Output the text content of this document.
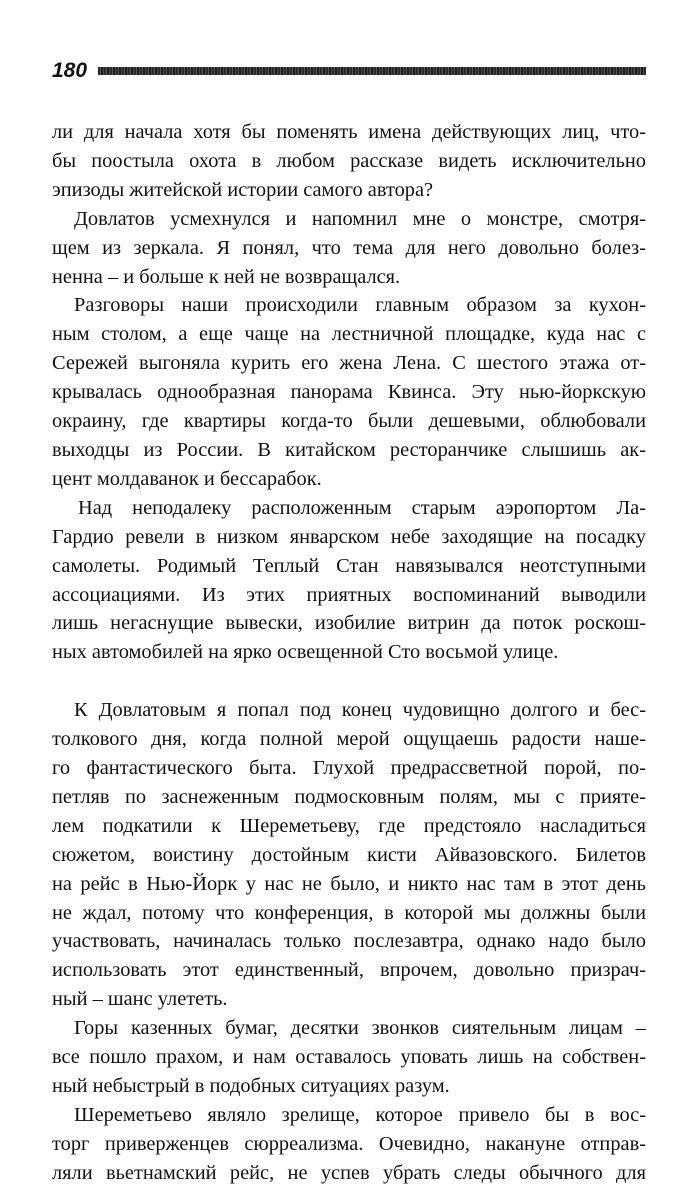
180
ли для начала хотя бы поменять имена действующих лиц, что-
бы поостыла охота в любом рассказе видеть исключительно
эпизоды житейской истории самого автора?
Довлатов усмехнулся и напомнил мне о монстре, смотря-
щем из зеркала. Я понял, что тема для него довольно болез-
ненна – и больше к ней не возвращался.
Разговоры наши происходили главным образом за кухон-
ным столом, а еще чаще на лестничной площадке, куда нас с
Сережей выгоняла курить его жена Лена. С шестого этажа от-
крывалась однообразная панорама Квинса. Эту нью-йоркскую
окраину, где квартиры когда-то были дешевыми, облюбовали
выходцы из России. В китайском ресторанчике слышишь ак-
цент молдаванок и бессарабок.
Над неподалеку расположенным старым аэропортом Ла-
Гардио ревели в низком январском небе заходящие на посадку
самолеты. Родимый Теплый Стан навязывался неотступными
ассоциациями. Из этих приятных воспоминаний выводили
лишь негаснущие вывески, изобилие витрин да поток роскош-
ных автомобилей на ярко освещенной Сто восьмой улице.
К Довлатовым я попал под конец чудовищно долгого и бес-
толкового дня, когда полной мерой ощущаешь радости наше-
го фантастического быта. Глухой предрассветной порой, по-
петляв по заснеженным подмосковным полям, мы с прияте-
лем подкатили к Шереметьеву, где предстояло насладиться
сюжетом, воистину достойным кисти Айвазовского. Билетов
на рейс в Нью-Йорк у нас не было, и никто нас там в этот день
не ждал, потому что конференция, в которой мы должны были
участвовать, начиналась только послезавтра, однако надо было
использовать этот единственный, впрочем, довольно призрач-
ный – шанс улететь.
Горы казенных бумаг, десятки звонков сиятельным лицам –
все пошло прахом, и нам оставалось уповать лишь на собствен-
ный небыстрый в подобных ситуациях разум.
Шереметьево являло зрелище, которое привело бы в вос-
торг приверженцев сюрреализма. Очевидно, накануне отправ-
ляли вьетнамский рейс, не успев убрать следы обычного для
